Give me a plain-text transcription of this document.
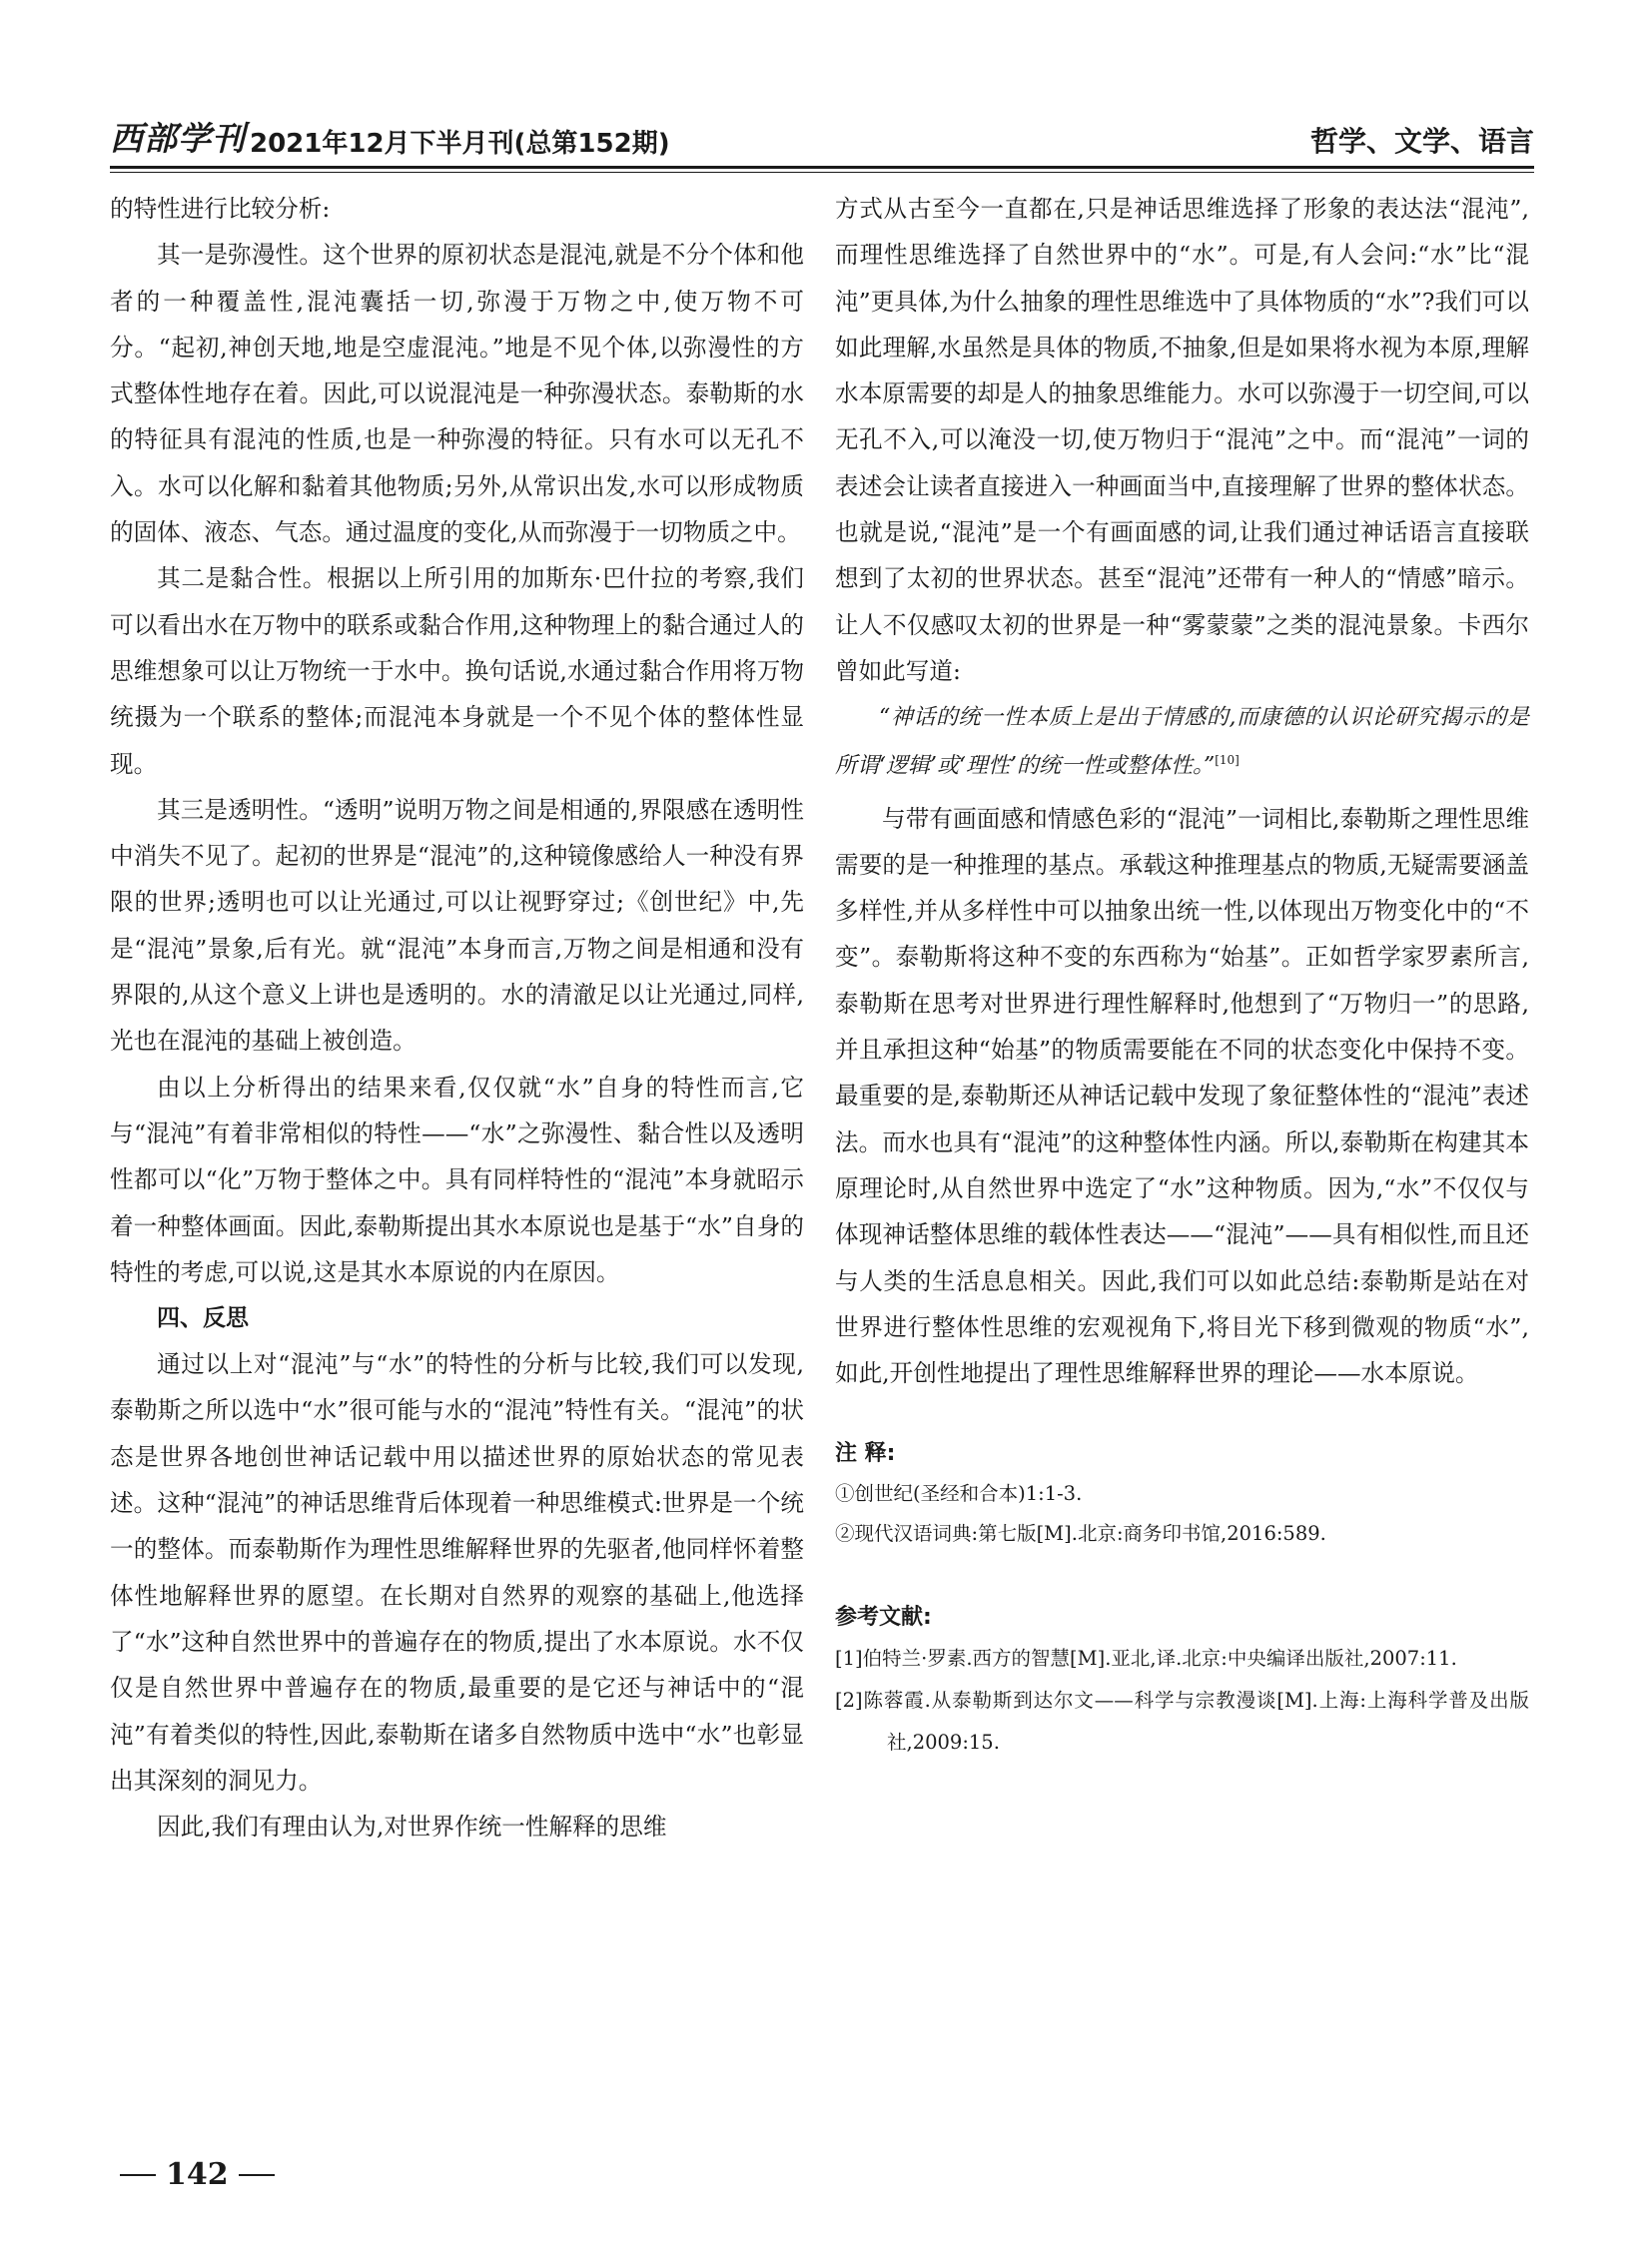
西部学刊 2021年12月下半月刊(总第152期)	哲学、文学、语言

的特性进行比较分析:

其一是弥漫性。这个世界的原初状态是混沌,就是不分个体和他者的一种覆盖性,混沌囊括一切,弥漫于万物之中,使万物不可分。“起初,神创天地,地是空虚混沌。”地是不见个体,以弥漫性的方式整体性地存在着。因此,可以说混沌是一种弥漫状态。泰勒斯的水的特征具有混沌的性质,也是一种弥漫的特征。只有水可以无孔不入。水可以化解和黏着其他物质;另外,从常识出发,水可以形成物质的固体、液态、气态。通过温度的变化,从而弥漫于一切物质之中。

其二是黏合性。根据以上所引用的加斯东·巴什拉的考察,我们可以看出水在万物中的联系或黏合作用,这种物理上的黏合通过人的思维想象可以让万物统一于水中。换句话说,水通过黏合作用将万物统摄为一个联系的整体;而混沌本身就是一个不见个体的整体性显现。

其三是透明性。“透明”说明万物之间是相通的,界限感在透明性中消失不见了。起初的世界是“混沌”的,这种镜像感给人一种没有界限的世界;透明也可以让光通过,可以让视野穿过;《创世纪》中,先是“混沌”景象,后有光。就“混沌”本身而言,万物之间是相通和没有界限的,从这个意义上讲也是透明的。水的清澈足以让光通过,同样,光也在混沌的基础上被创造。

由以上分析得出的结果来看,仅仅就“水”自身的特性而言,它与“混沌”有着非常相似的特性——“水”之弥漫性、黏合性以及透明性都可以“化”万物于整体之中。具有同样特性的“混沌”本身就昭示着一种整体画面。因此,泰勒斯提出其水本原说也是基于“水”自身的特性的考虑,可以说,这是其水本原说的内在原因。

四、反思

通过以上对“混沌”与“水”的特性的分析与比较,我们可以发现,泰勒斯之所以选中“水”很可能与水的“混沌”特性有关。“混沌”的状态是世界各地创世神话记载中用以描述世界的原始状态的常见表述。这种“混沌”的神话思维背后体现着一种思维模式:世界是一个统一的整体。而泰勒斯作为理性思维解释世界的先驱者,他同样怀着整体性地解释世界的愿望。在长期对自然界的观察的基础上,他选择了“水”这种自然世界中的普遍存在的物质,提出了水本原说。水不仅仅是自然世界中普遍存在的物质,最重要的是它还与神话中的“混沌”有着类似的特性,因此,泰勒斯在诸多自然物质中选中“水”也彰显出其深刻的洞见力。

因此,我们有理由认为,对世界作统一性解释的思维

方式从古至今一直都在,只是神话思维选择了形象的表达法“混沌”,而理性思维选择了自然世界中的“水”。可是,有人会问:“水”比“混沌”更具体,为什么抽象的理性思维选中了具体物质的“水”?我们可以如此理解,水虽然是具体的物质,不抽象,但是如果将水视为本原,理解水本原需要的却是人的抽象思维能力。水可以弥漫于一切空间,可以无孔不入,可以淹没一切,使万物归于“混沌”之中。而“混沌”一词的表述会让读者直接进入一种画面当中,直接理解了世界的整体状态。也就是说,“混沌”是一个有画面感的词,让我们通过神话语言直接联想到了太初的世界状态。甚至“混沌”还带有一种人的“情感”暗示。让人不仅感叹太初的世界是一种“雾蒙蒙”之类的混沌景象。卡西尔曾如此写道:

“神话的统一性本质上是出于情感的,而康德的认识论研究揭示的是所谓‘逻辑’或‘理性’的统一性或整体性。”[10]

与带有画面感和情感色彩的“混沌”一词相比,泰勒斯之理性思维需要的是一种推理的基点。承载这种推理基点的物质,无疑需要涵盖多样性,并从多样性中可以抽象出统一性,以体现出万物变化中的“不变”。泰勒斯将这种不变的东西称为“始基”。正如哲学家罗素所言,泰勒斯在思考对世界进行理性解释时,他想到了“万物归一”的思路,并且承担这种“始基”的物质需要能在不同的状态变化中保持不变。最重要的是,泰勒斯还从神话记载中发现了象征整体性的“混沌”表述法。而水也具有“混沌”的这种整体性内涵。所以,泰勒斯在构建其本原理论时,从自然世界中选定了“水”这种物质。因为,“水”不仅仅与体现神话整体思维的载体性表达——“混沌”——具有相似性,而且还与人类的生活息息相关。因此,我们可以如此总结:泰勒斯是站在对世界进行整体性思维的宏观视角下,将目光下移到微观的物质“水”,如此,开创性地提出了理性思维解释世界的理论——水本原说。

注 释:

①创世纪(圣经和合本)1:1-3.

②现代汉语词典:第七版[M].北京:商务印书馆,2016:589.

参考文献:

[1]伯特兰·罗素.西方的智慧[M].亚北,译.北京:中央编译出版社,2007:11.

[2]陈蓉霞.从泰勒斯到达尔文——科学与宗教漫谈[M].上海:上海科学普及出版社,2009:15.

142
